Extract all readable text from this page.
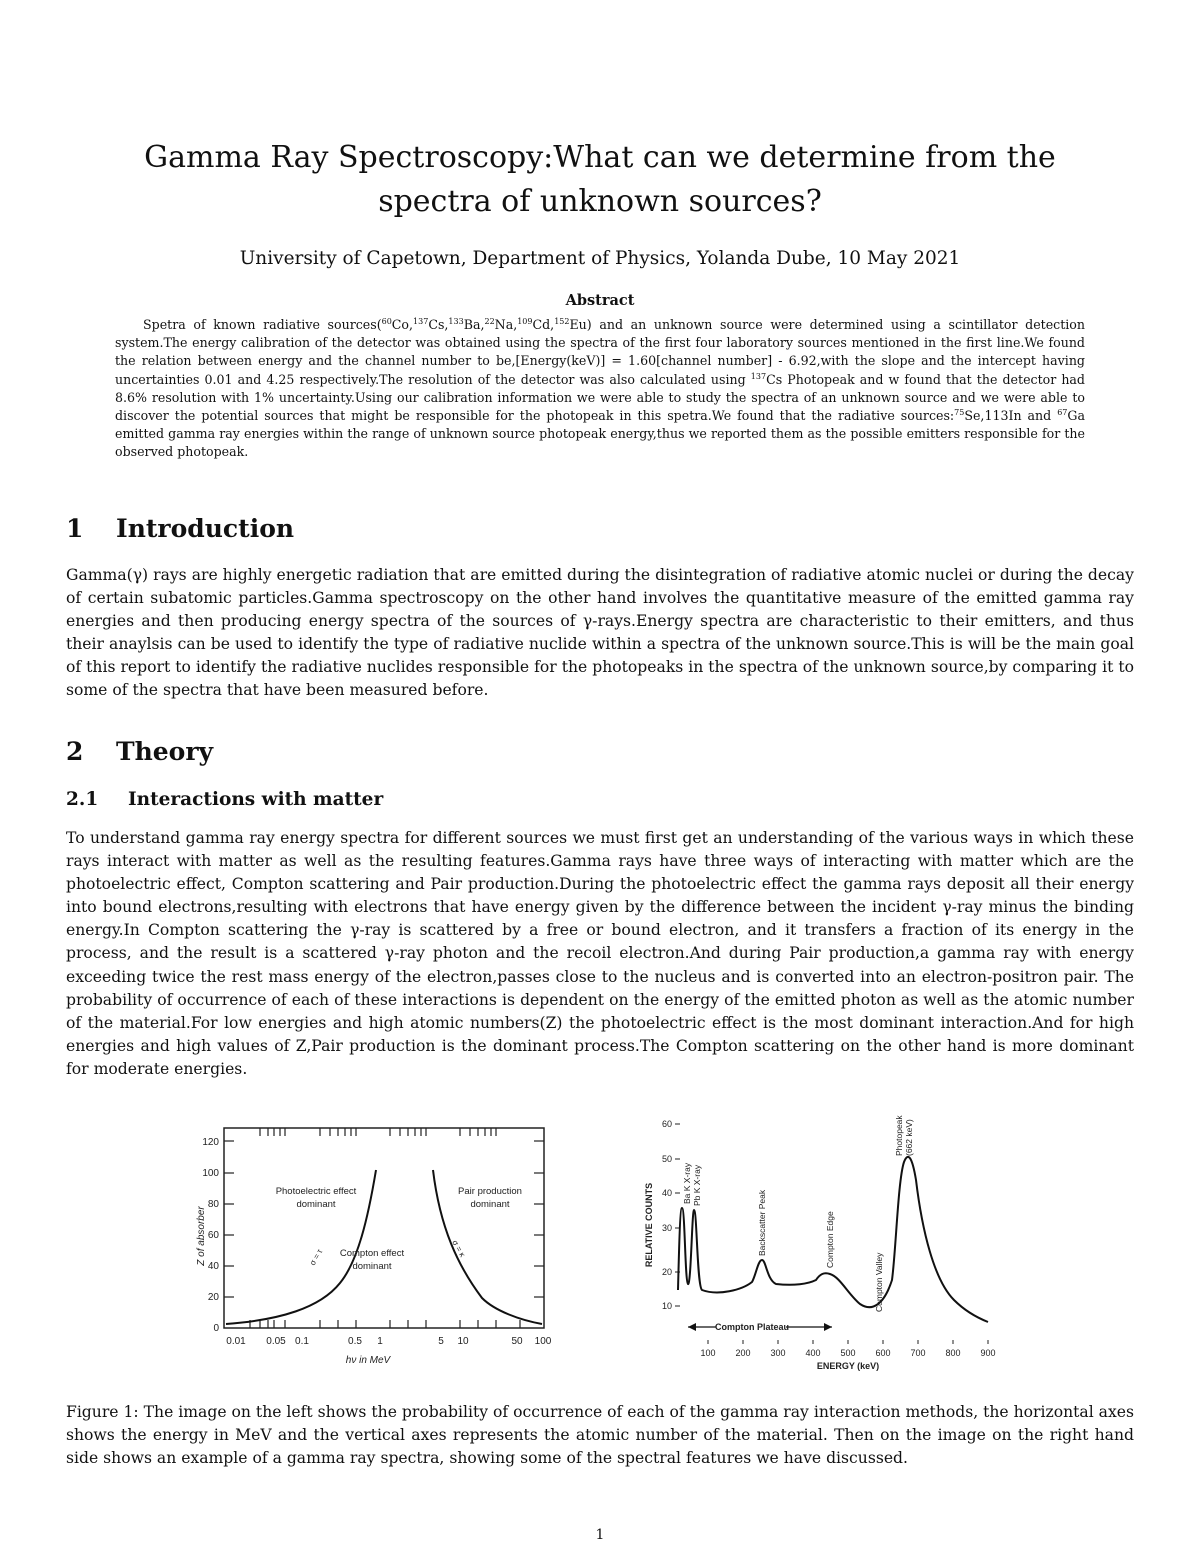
Gamma Ray Spectroscopy:What can we determine from the
spectra of unknown sources?

University of Capetown, Department of Physics, Yolanda Dube, 10 May 2021

Abstract

Spetra of known radiative sources($^{60}$Co,$^{137}$Cs,$^{133}$Ba,$^{22}$Na,$^{109}$Cd,$^{152}$Eu) and an unknown source were determined using a scintillator detection system.The energy calibration of the detector was obtained using the spectra of the first four laboratory sources mentioned in the first line.We found the relation between energy and the channel number to be,[Energy(keV)] = 1.60[channel number] - 6.92,with the slope and the intercept having uncertainties 0.01 and 4.25 respectively.The resolution of the detector was also calculated using $^{137}$Cs Photopeak and w found that the detector had 8.6% resolution with 1% uncertainty.Using our calibration information we were able to study the spectra of an unknown source and we were able to discover the potential sources that might be responsible for the photopeak in this spetra.We found that the radiative sources:$^{75}$Se,113In and $^{67}$Ga emitted gamma ray energies within the range of unknown source photopeak energy,thus we reported them as the possible emitters responsible for the observed photopeak.

1 Introduction

Gamma(γ) rays are highly energetic radiation that are emitted during the disintegration of radiative atomic nuclei or during the decay of certain subatomic particles.Gamma spectroscopy on the other hand involves the quantitative measure of the emitted gamma ray energies and then producing energy spectra of the sources of γ-rays.Energy spectra are characteristic to their emitters, and thus their anaylsis can be used to identify the type of radiative nuclide within a spectra of the unknown source.This is will be the main goal of this report to identify the radiative nuclides responsible for the photopeaks in the spectra of the unknown source,by comparing it to some of the spectra that have been measured before.

2 Theory
2.1 Interactions with matter

To understand gamma ray energy spectra for different sources we must first get an understanding of the various ways in which these rays interact with matter as well as the resulting features.Gamma rays have three ways of interacting with matter which are the photoelectric effect, Compton scattering and Pair production.During the photoelectric effect the gamma rays deposit all their energy into bound electrons,resulting with electrons that have energy given by the difference between the incident γ-ray minus the binding energy.In Compton scattering the γ-ray is scattered by a free or bound electron, and it transfers a fraction of its energy in the process, and the result is a scattered γ-ray photon and the recoil electron.And during Pair production,a gamma ray with energy exceeding twice the rest mass energy of the electron,passes close to the nucleus and is converted into an electron-positron pair. The probability of occurrence of each of these interactions is dependent on the energy of the emitted photon as well as the atomic number of the material.For low energies and high atomic numbers(Z) the photoelectric effect is the most dominant interaction.And for high energies and high values of Z,Pair production is the dominant process.The Compton scattering on the other hand is more dominant for moderate energies.

0
20
40
60
80
100
120
0.01 0.05 0.1	0.5 1	5 10	50 100
hν in MeV
Z of absorber
Photoelectric effect
dominant
Compton effect
dominant
Pair production
dominant
σ = τ	σ = κ
10
20
30
40
50
60
RELATIVE COUNTS	Ba K X-ray Pb K X-ray
Backscatter Peak	Compton Edge
Compton Valley
Photopeak (662 keV)
Compton Plateau
100 200 300 400 500 600 700 800 900
ENERGY (keV)

Figure 1: The image on the left shows the probability of occurrence of each of the gamma ray interaction methods, the horizontal axes shows the energy in MeV and the vertical axes represents the atomic number of the material. Then on the image on the right hand side shows an example of a gamma ray spectra, showing some of the spectral features we have discussed.

1
